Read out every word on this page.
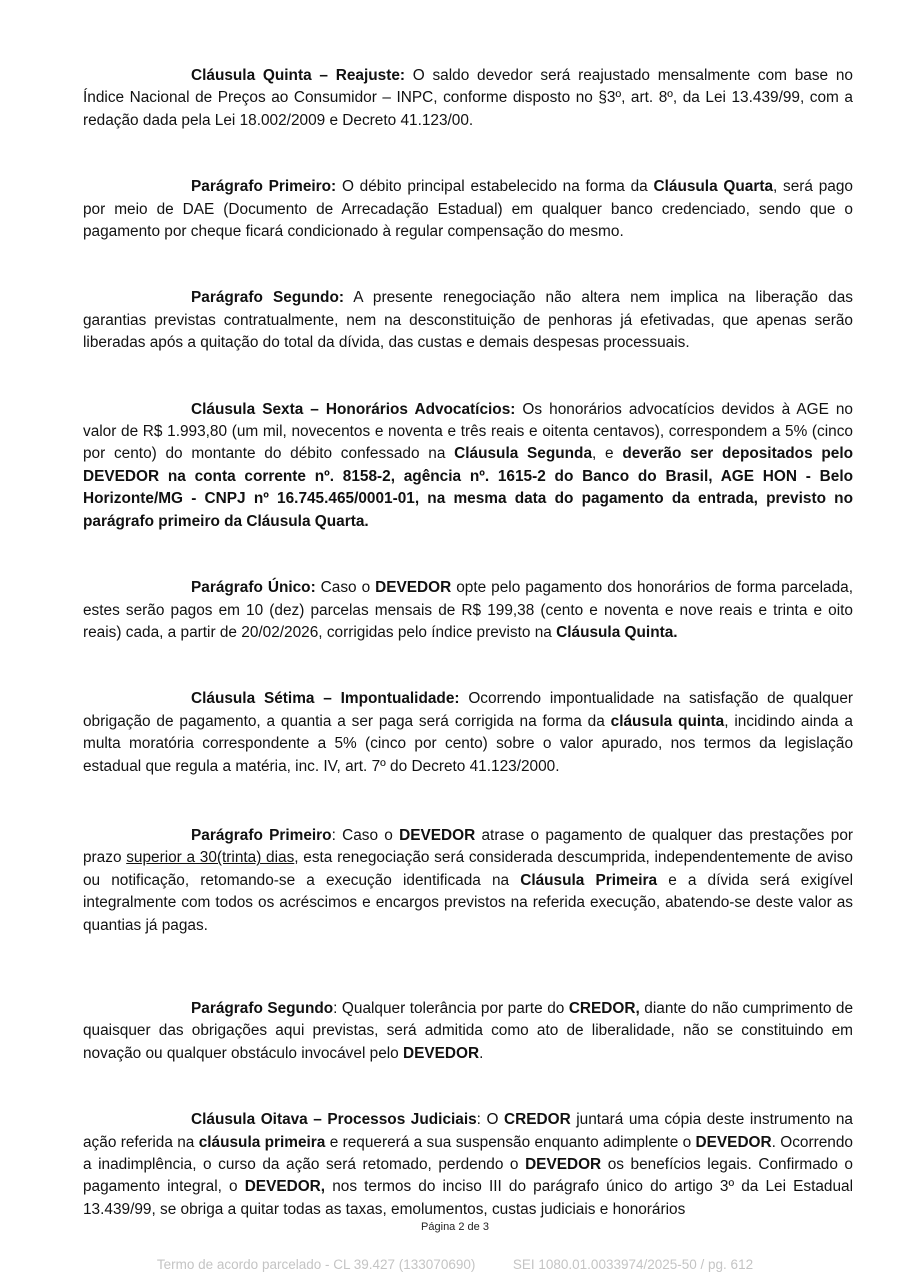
Cláusula Quinta – Reajuste: O saldo devedor será reajustado mensalmente com base no Índice Nacional de Preços ao Consumidor – INPC, conforme disposto no §3º, art. 8º, da Lei 13.439/99, com a redação dada pela Lei 18.002/2009 e Decreto 41.123/00.

Parágrafo Primeiro: O débito principal estabelecido na forma da Cláusula Quarta, será pago por meio de DAE (Documento de Arrecadação Estadual) em qualquer banco credenciado, sendo que o pagamento por cheque ficará condicionado à regular compensação do mesmo.

Parágrafo Segundo: A presente renegociação não altera nem implica na liberação das garantias previstas contratualmente, nem na desconstituição de penhoras já efetivadas, que apenas serão liberadas após a quitação do total da dívida, das custas e demais despesas processuais.

Cláusula Sexta – Honorários Advocatícios: Os honorários advocatícios devidos à AGE no valor de R$ 1.993,80 (um mil, novecentos e noventa e três reais e oitenta centavos), correspondem a 5% (cinco por cento) do montante do débito confessado na Cláusula Segunda, e deverão ser depositados pelo DEVEDOR na conta corrente nº. 8158-2, agência nº. 1615-2 do Banco do Brasil, AGE HON - Belo Horizonte/MG - CNPJ nº 16.745.465/0001-01, na mesma data do pagamento da entrada, previsto no parágrafo primeiro da Cláusula Quarta.

Parágrafo Único: Caso o DEVEDOR opte pelo pagamento dos honorários de forma parcelada, estes serão pagos em 10 (dez) parcelas mensais de R$ 199,38 (cento e noventa e nove reais e trinta e oito reais) cada, a partir de 20/02/2026, corrigidas pelo índice previsto na Cláusula Quinta.

Cláusula Sétima – Impontualidade: Ocorrendo impontualidade na satisfação de qualquer obrigação de pagamento, a quantia a ser paga será corrigida na forma da cláusula quinta, incidindo ainda a multa moratória correspondente a 5% (cinco por cento) sobre o valor apurado, nos termos da legislação estadual que regula a matéria, inc. IV, art. 7º do Decreto 41.123/2000.

Parágrafo Primeiro: Caso o DEVEDOR atrase o pagamento de qualquer das prestações por prazo superior a 30(trinta) dias, esta renegociação será considerada descumprida, independentemente de aviso ou notificação, retomando-se a execução identificada na Cláusula Primeira e a dívida será exigível integralmente com todos os acréscimos e encargos previstos na referida execução, abatendo-se deste valor as quantias já pagas.

Parágrafo Segundo: Qualquer tolerância por parte do CREDOR, diante do não cumprimento de quaisquer das obrigações aqui previstas, será admitida como ato de liberalidade, não se constituindo em novação ou qualquer obstáculo invocável pelo DEVEDOR.

Cláusula Oitava – Processos Judiciais: O CREDOR juntará uma cópia deste instrumento na ação referida na cláusula primeira e requererá a sua suspensão enquanto adimplente o DEVEDOR. Ocorrendo a inadimplência, o curso da ação será retomado, perdendo o DEVEDOR os benefícios legais. Confirmado o pagamento integral, o DEVEDOR, nos termos do inciso III do parágrafo único do artigo 3º da Lei Estadual 13.439/99, se obriga a quitar todas as taxas, emolumentos, custas judiciais e honorários

Página 2 de 3
Termo de acordo parcelado - CL 39.427 (133070690)	SEI 1080.01.0033974/2025-50 / pg. 612
